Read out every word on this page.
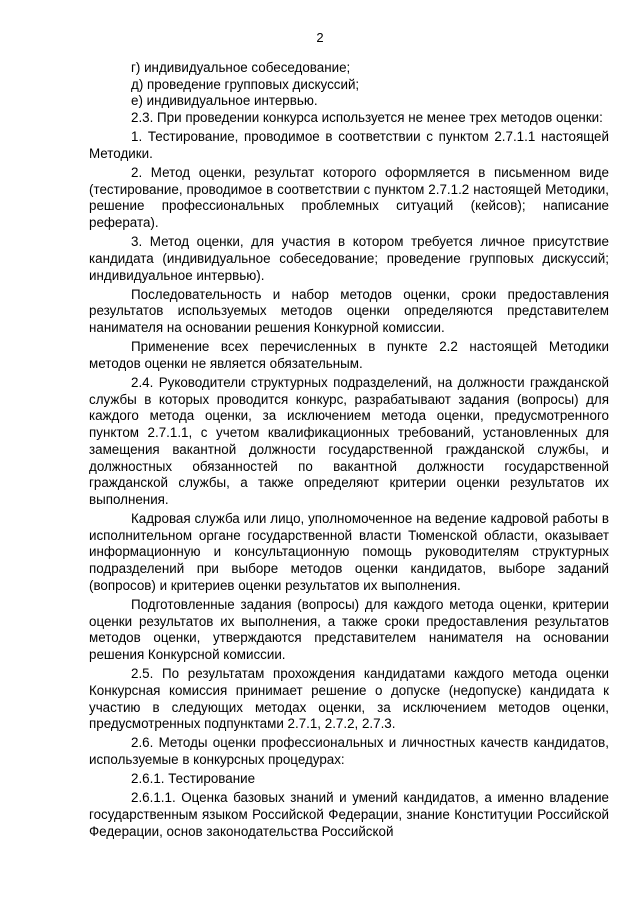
2

г) индивидуальное собеседование;

д) проведение групповых дискуссий;

е) индивидуальное интервью.

2.3. При проведении конкурса используется не менее трех методов оценки:

1. Тестирование, проводимое в соответствии с пунктом 2.7.1.1 настоящей Методики.

2. Метод оценки, результат которого оформляется в письменном виде (тестирование, проводимое в соответствии с пунктом 2.7.1.2 настоящей Методики, решение профессиональных проблемных ситуаций (кейсов); написание реферата).

3. Метод оценки, для участия в котором требуется личное присутствие кандидата (индивидуальное собеседование; проведение групповых дискуссий; индивидуальное интервью).

Последовательность и набор методов оценки, сроки предоставления результатов используемых методов оценки определяются представителем нанимателя на основании решения Конкурной комиссии.

Применение всех перечисленных в пункте 2.2 настоящей Методики методов оценки не является обязательным.

2.4. Руководители структурных подразделений, на должности гражданской службы в которых проводится конкурс, разрабатывают задания (вопросы) для каждого метода оценки, за исключением метода оценки, предусмотренного пунктом 2.7.1.1, с учетом квалификационных требований, установленных для замещения вакантной должности государственной гражданской службы, и должностных обязанностей по вакантной должности государственной гражданской службы, а также определяют критерии оценки результатов их выполнения.

Кадровая служба или лицо, уполномоченное на ведение кадровой работы в исполнительном органе государственной власти Тюменской области, оказывает информационную и консультационную помощь руководителям структурных подразделений при выборе методов оценки кандидатов, выборе заданий (вопросов) и критериев оценки результатов их выполнения.

Подготовленные задания (вопросы) для каждого метода оценки, критерии оценки результатов их выполнения, а также сроки предоставления результатов методов оценки, утверждаются представителем нанимателя на основании решения Конкурсной комиссии.

2.5. По результатам прохождения кандидатами каждого метода оценки Конкурсная комиссия принимает решение о допуске (недопуске) кандидата к участию в следующих методах оценки, за исключением методов оценки, предусмотренных подпунктами 2.7.1, 2.7.2, 2.7.3.

2.6. Методы оценки профессиональных и личностных качеств кандидатов, используемые в конкурсных процедурах:

2.6.1. Тестирование

2.6.1.1. Оценка базовых знаний и умений кандидатов, а именно владение государственным языком Российской Федерации, знание Конституции Российской Федерации, основ законодательства Российской
